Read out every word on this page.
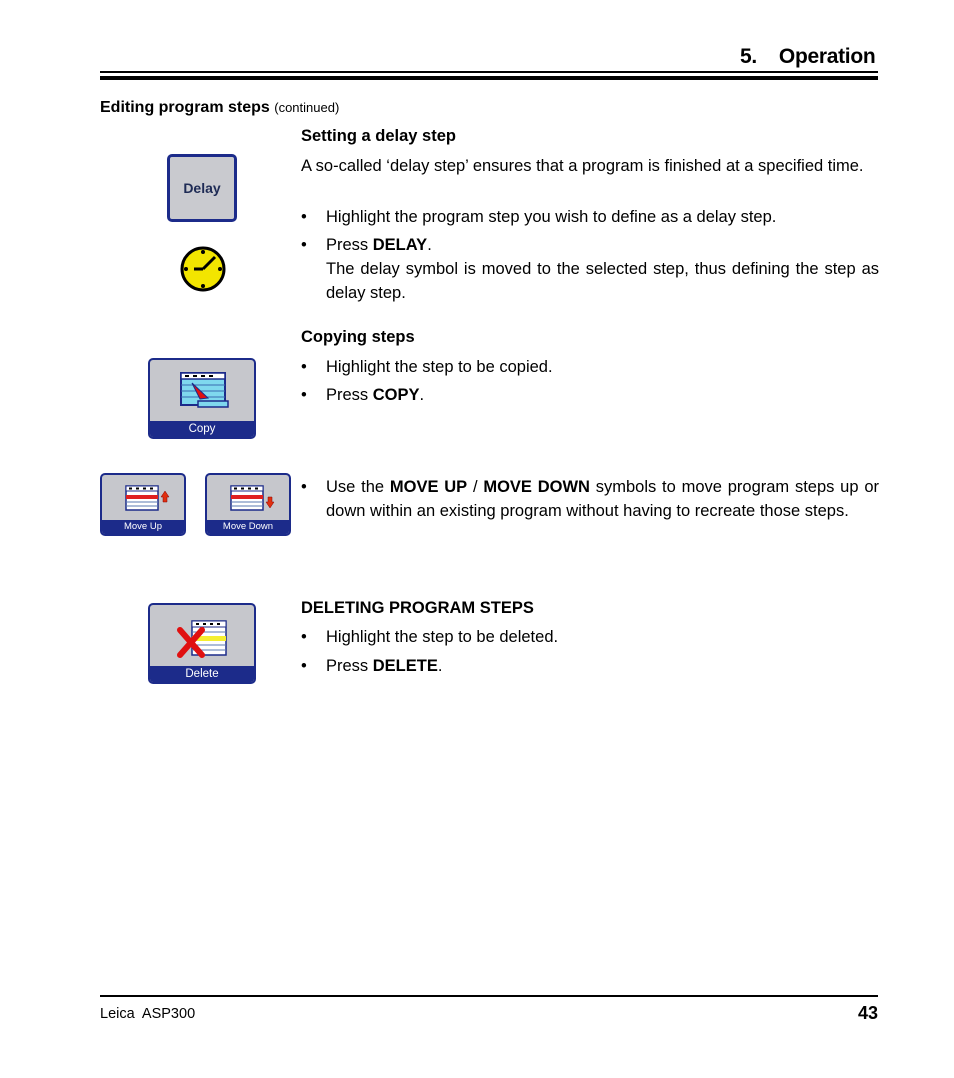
5. Operation
Editing program steps (continued)
Setting a delay step
A so-called ‘delay step’ ensures that a program is finished at a specified time.
• Highlight the program step you wish to define as a delay step.
• Press DELAY.

The delay symbol is moved to the selected step, thus defining the step as delay step.
Delay
Copying steps
• Highlight the step to be copied.
• Press COPY.
Copy
• Use the MOVE UP / MOVE DOWN symbols to move program steps up or down within an existing program without having to recreate those steps.
Move Up	Move Down
DELETING PROGRAM STEPS
• Highlight the step to be deleted.
• Press DELETE.
Delete
Leica  ASP300	43
